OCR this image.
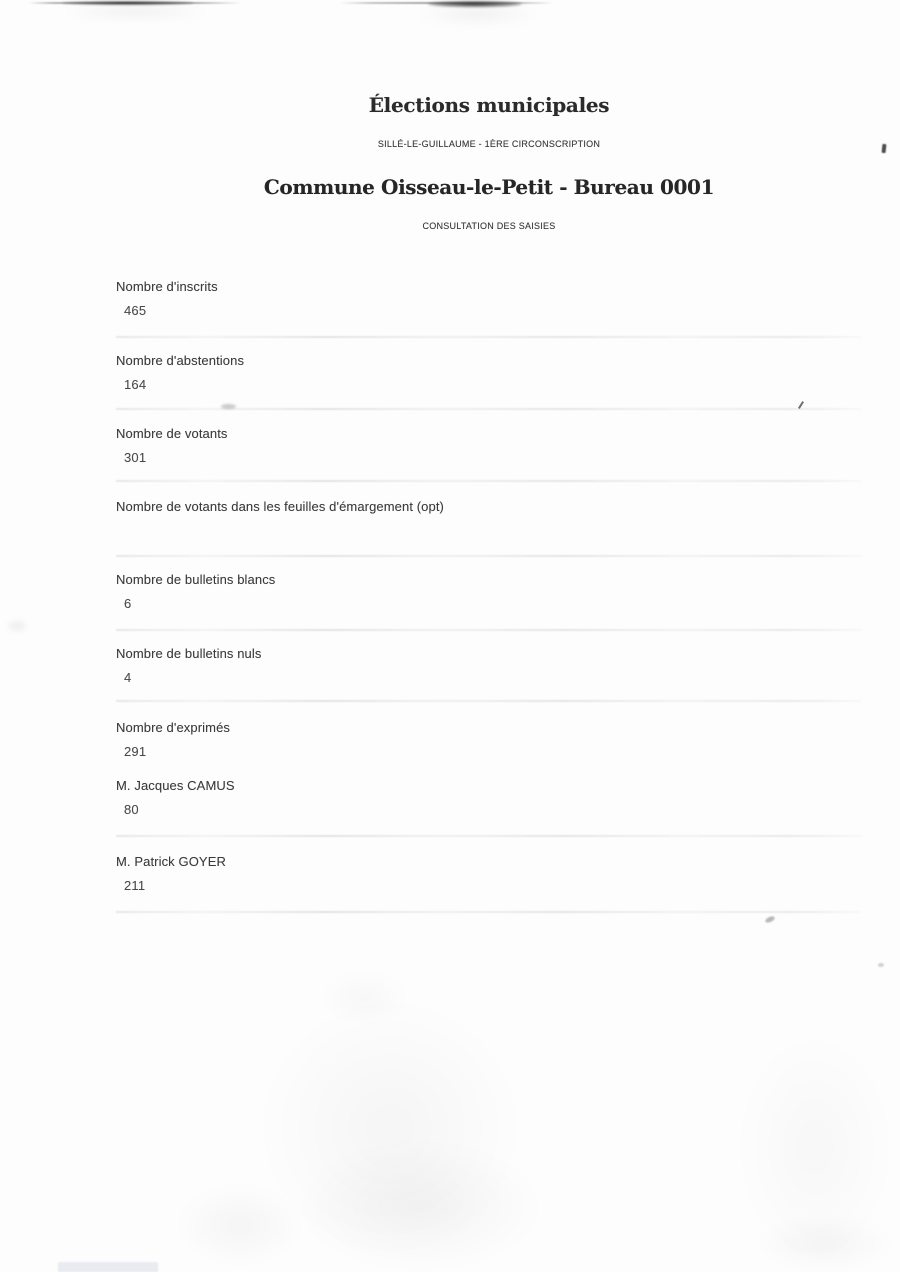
Élections municipales
SILLÉ-LE-GUILLAUME - 1ÈRE CIRCONSCRIPTION
Commune Oisseau-le-Petit - Bureau 0001
CONSULTATION DES SAISIES
Nombre d'inscrits
465
Nombre d'abstentions
164
Nombre de votants
301
Nombre de votants dans les feuilles d'émargement (opt)
Nombre de bulletins blancs
6
Nombre de bulletins nuls
4
Nombre d'exprimés
291
M. Jacques CAMUS
80
M. Patrick GOYER
211
